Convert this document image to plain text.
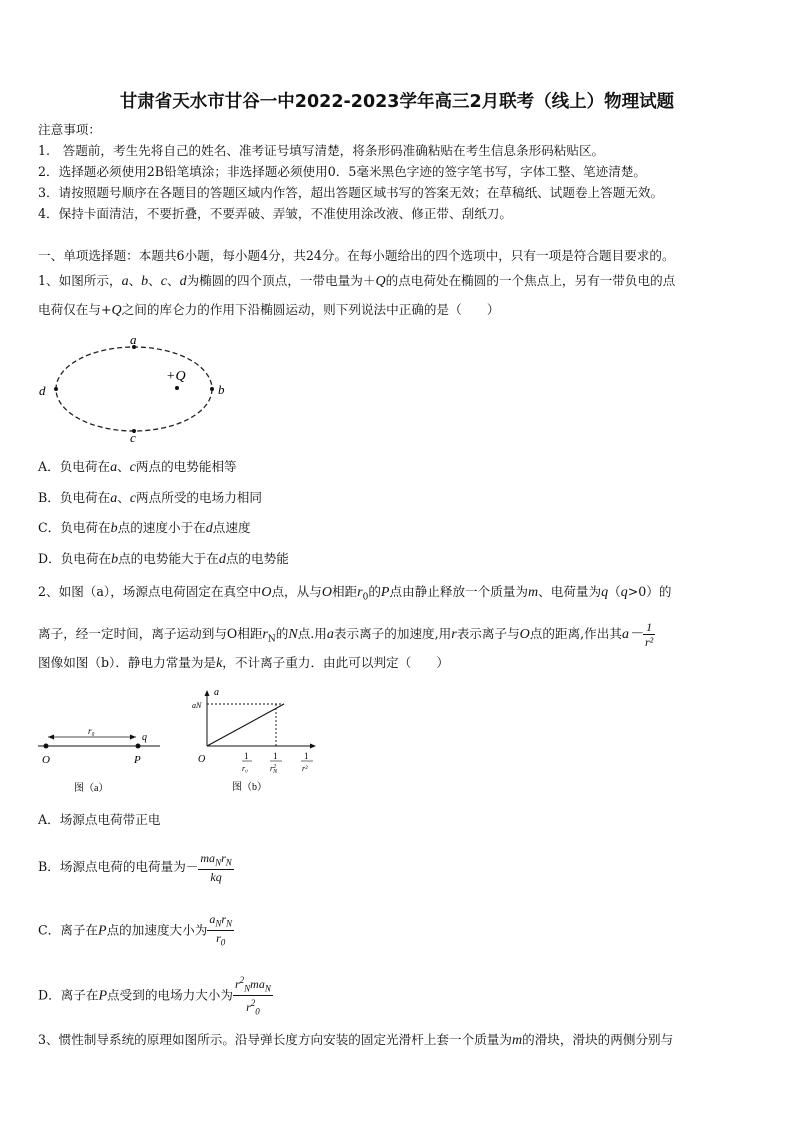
甘肃省天水市甘谷一中2022-2023学年高三2月联考（线上）物理试题
注意事项：
1.　答题前，考生先将自己的姓名、准考证号填写清楚，将条形码准确粘贴在考生信息条形码粘贴区。
2．选择题必须使用2B铅笔填涂；非选择题必须使用0．5毫米黑色字迹的签字笔书写，字体工整、笔迹清楚。
3．请按照题号顺序在各题目的答题区域内作答，超出答题区域书写的答案无效；在草稿纸、试题卷上答题无效。
4．保持卡面清洁，不要折叠，不要弄破、弄皱，不准使用涂改液、修正带、刮纸刀。
一、单项选择题：本题共6小题，每小题4分，共24分。在每小题给出的四个选项中，只有一项是符合题目要求的。
1、如图所示，a、b、c、d为椭圆的四个顶点，一带电量为＋Q的点电荷处在椭圆的一个焦点上，另有一带负电的点
电荷仅在与+Q之间的库仑力的作用下沿椭圆运动，则下列说法中正确的是（　　）
a
b
c
d
+Q
A．负电荷在a、c两点的电势能相等
B．负电荷在a、c两点所受的电场力相同
C．负电荷在b点的速度小于在d点速度
D．负电荷在b点的电势能大于在d点的电势能
2、如图（a），场源点电荷固定在真空中O点，从与O相距$r_0$的P点由静止释放一个质量为m、电荷量为q（q>0）的
离子，经一定时间，离子运动到与O相距$r_N$的N点.用a表示离子的加速度,用r表示离子与O点的距离,作出其$a- \frac{1}{\text{r²}}$
图像如图（b）．静电力常量为是k，不计离子重力．由此可以判定（　　）
r₀
q
O	P
图（a）
a
aN
O	1
r₀
1
$r^2$ N
1
r²
图（b）
A．场源点电荷带正电
B．场源点电荷的电荷量为－ $\frac{ma_Nr_N}{kq}$
C．离子在P点的加速度大小为 $\frac{a_Nr_N}{r_0}$
D．离子在P点受到的电场力大小为 $\frac{r^2_Nma_N}{r^2_0}$
3、惯性制导系统的原理如图所示。沿导弹长度方向安装的固定光滑杆上套一个质量为m的滑块，滑块的两侧分别与
